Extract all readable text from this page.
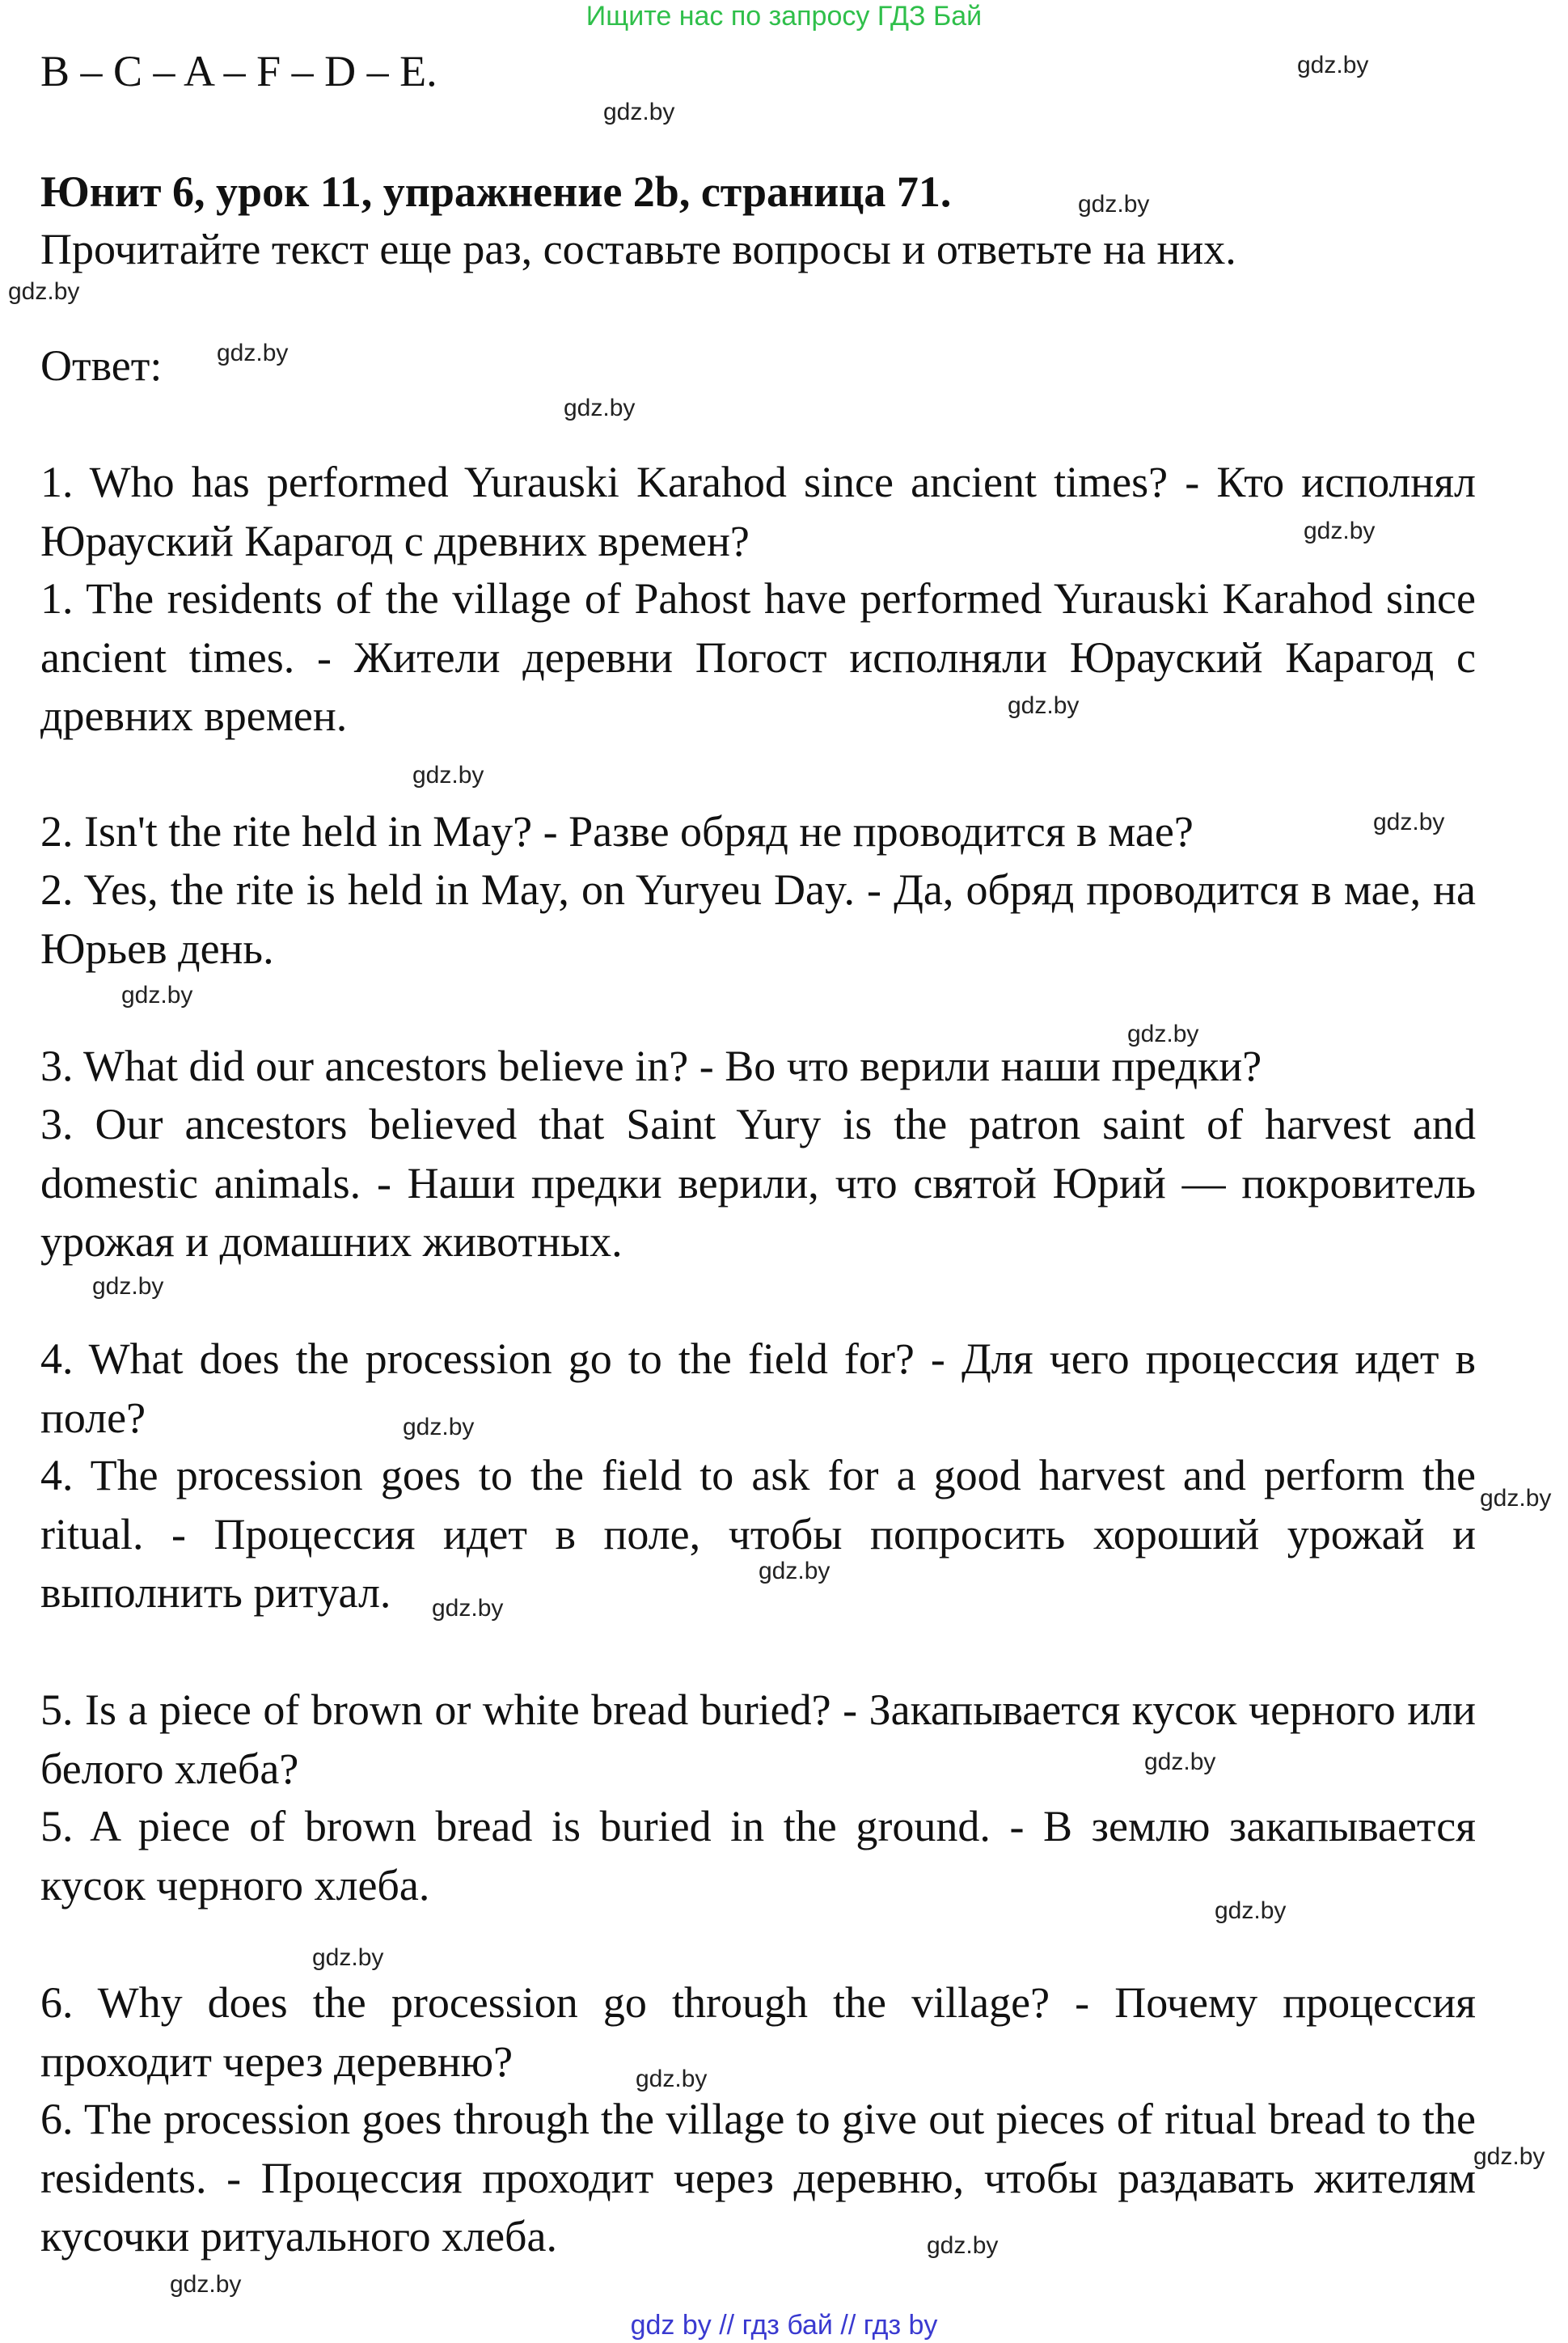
Ищите нас по запросу ГДЗ Бай
B – C – A – F – D – E.
Юнит 6, урок 11, упражнение 2b, страница 71.
Прочитайте текст еще раз, составьте вопросы и ответьте на них.
Ответ:
1. Who has performed Yurauski Karahod since ancient times? - Кто исполнял Юрауский Карагод с древних времен?
1. The residents of the village of Pahost have performed Yurauski Karahod since ancient times. - Жители деревни Погост исполняли Юрауский Карагод с древних времен.
2. Isn't the rite held in May? - Разве обряд не проводится в мае?
2. Yes, the rite is held in May, on Yuryeu Day. - Да, обряд проводится в мае, на Юрьев день.
3. What did our ancestors believe in? - Во что верили наши предки?
3. Our ancestors believed that Saint Yury is the patron saint of harvest and domestic animals. - Наши предки верили, что святой Юрий — покровитель урожая и домашних животных.
4. What does the procession go to the field for? - Для чего процессия идет в поле?
4. The procession goes to the field to ask for a good harvest and perform the ritual. - Процессия идет в поле, чтобы попросить хороший урожай и выполнить ритуал.
5. Is a piece of brown or white bread buried? - Закапывается кусок черного или белого хлеба?
5. A piece of brown bread is buried in the ground. - В землю закапывается кусок черного хлеба.
6. Why does the procession go through the village? - Почему процессия проходит через деревню?
6. The procession goes through the village to give out pieces of ritual bread to the residents. - Процессия проходит через деревню, чтобы раздавать жителям кусочки ритуального хлеба.
gdz.by
gdz.by
gdz.by
gdz.by
gdz.by
gdz.by
gdz.by
gdz.by
gdz.by
gdz.by
gdz.by
gdz.by
gdz.by
gdz.by
gdz.by
gdz.by
gdz.by
gdz.by
gdz.by
gdz.by
gdz.by
gdz.by
gdz.by
gdz.by
gdz by // гдз бай // гдз by
